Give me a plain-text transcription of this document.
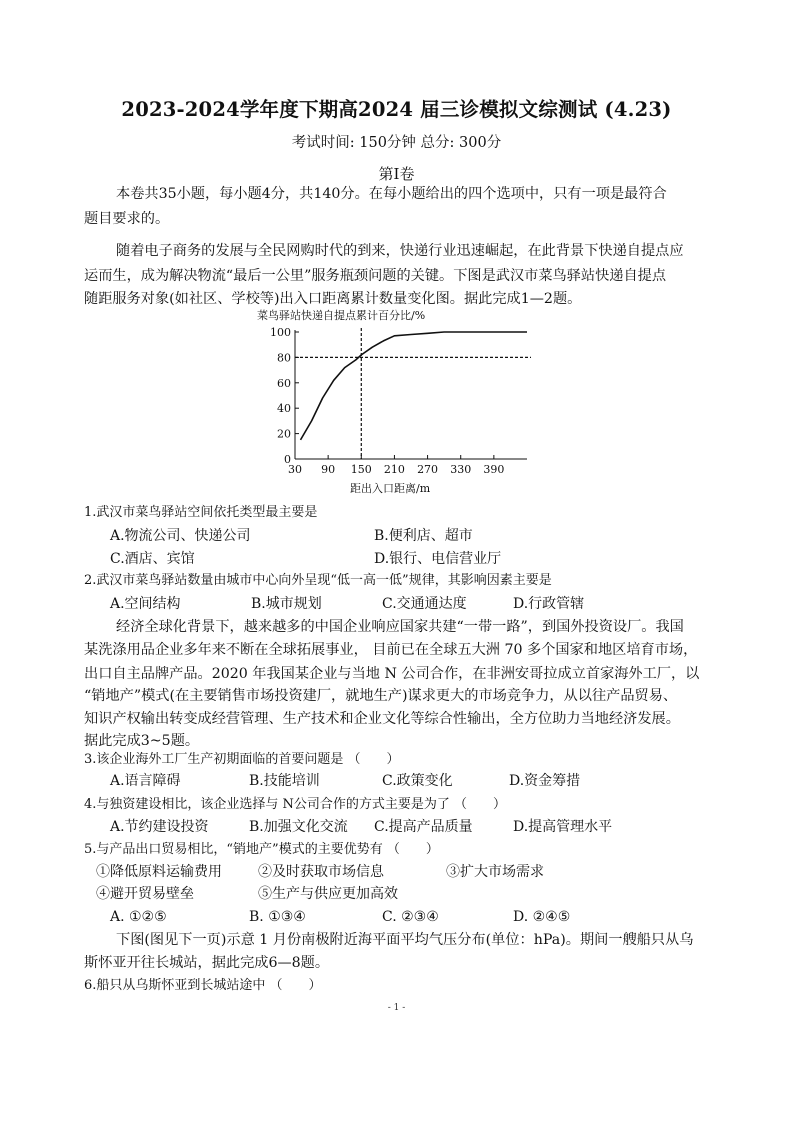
2023-2024学年度下期高2024 届三诊模拟文综测试 (4.23)
考试时间: 150分钟 总分: 300分
第Ⅰ卷
本卷共35小题，每小题4分，共140分。在每小题给出的四个选项中，只有一项是最符合
题目要求的。
随着电子商务的发展与全民网购时代的到来，快递行业迅速崛起，在此背景下快递自提点应
运而生，成为解决物流“最后一公里”服务瓶颈问题的关键。下图是武汉市菜鸟驿站快递自提点
随距服务对象(如社区、学校等)出入口距离累计数量变化图。据此完成1—2题。
菜鸟驿站快递自提点累计百分比/%
0
20
40
60
80
100
30 90 150 210 270 330 390
距出入口距离/m
1.武汉市菜鸟驿站空间依托类型最主要是
A.物流公司、快递公司	B.便利店、超市
C.酒店、宾馆	D.银行、电信营业厅
2.武汉市菜鸟驿站数量由城市中心向外呈现“低一高一低”规律，其影响因素主要是
A.空间结构	B.城市规划	C.交通通达度	D.行政管辖
经济全球化背景下，越来越多的中国企业响应国家共建“一带一路”，到国外投资设厂。我国
某洗涤用品企业多年来不断在全球拓展事业， 目前已在全球五大洲 70 多个国家和地区培育市场，
出口自主品牌产品。2020 年我国某企业与当地 N 公司合作，在非洲安哥拉成立首家海外工厂，以
“销地产”模式(在主要销售市场投资建厂，就地生产)谋求更大的市场竞争力，从以往产品贸易、
知识产权输出转变成经营管理、生产技术和企业文化等综合性输出，全方位助力当地经济发展。
据此完成3~5题。
3.该企业海外工厂生产初期面临的首要问题是 （　　）
A.语言障碍	B.技能培训	C.政策变化	D.资金筹措
4.与独资建设相比，该企业选择与 N公司合作的方式主要是为了 （　　）
A.节约建设投资	B.加强文化交流 C.提高产品质量	D.提高管理水平
5.与产品出口贸易相比，“销地产”模式的主要优势有 （　　）
①降低原料运输费用	②及时获取市场信息	③扩大市场需求
④避开贸易壁垒	⑤生产与供应更加高效
A. ①②⑤	B. ①③④	C. ②③④	D. ②④⑤
下图(图见下一页)示意 1 月份南极附近海平面平均气压分布(单位：hPa)。期间一艘船只从乌
斯怀亚开往长城站，据此完成6—8题。
6.船只从乌斯怀亚到长城站途中 （　　）
- 1 -
